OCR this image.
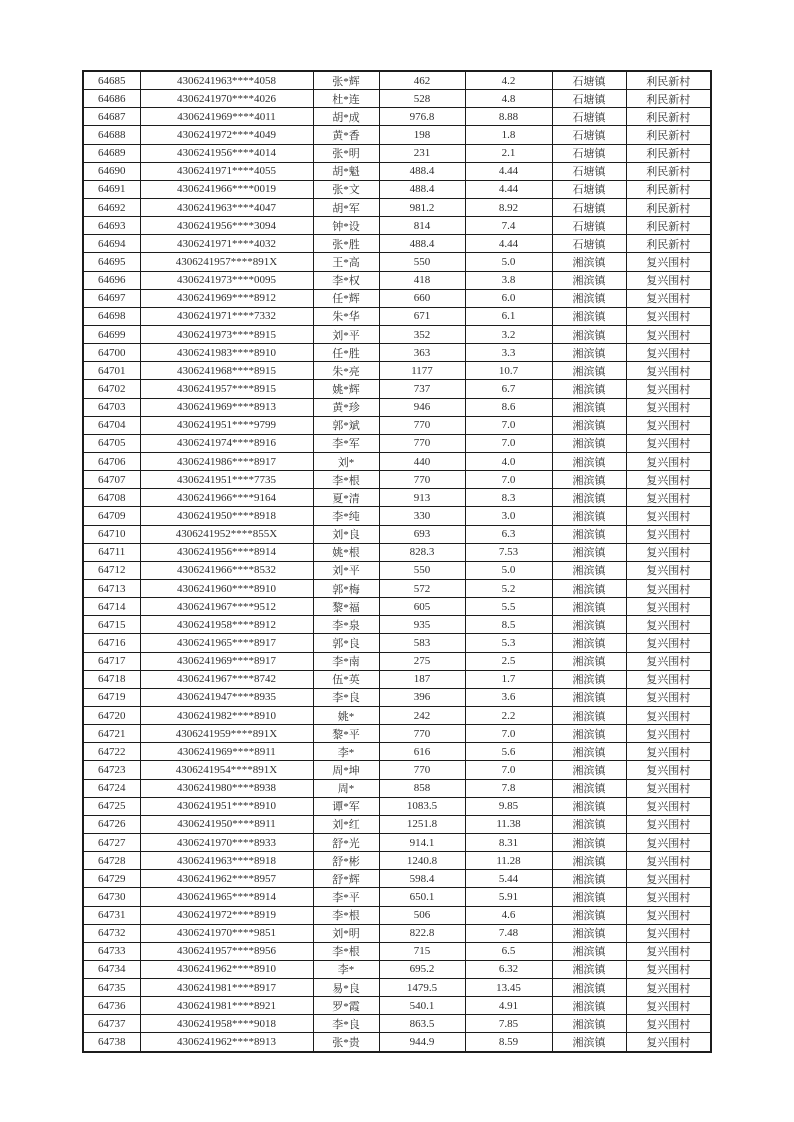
64685	4306241963****4058	张*辉	462	4.2	石塘镇	利民新村
64686	4306241970****4026	杜*连	528	4.8	石塘镇	利民新村
64687	4306241969****4011	胡*成	976.8	8.88	石塘镇	利民新村
64688	4306241972****4049	黄*香	198	1.8	石塘镇	利民新村
64689	4306241956****4014	张*明	231	2.1	石塘镇	利民新村
64690	4306241971****4055	胡*魁	488.4	4.44	石塘镇	利民新村
64691	4306241966****0019	张*文	488.4	4.44	石塘镇	利民新村
64692	4306241963****4047	胡*军	981.2	8.92	石塘镇	利民新村
64693	4306241956****3094	钟*设	814	7.4	石塘镇	利民新村
64694	4306241971****4032	张*胜	488.4	4.44	石塘镇	利民新村
64695	4306241957****891X	王*高	550	5.0	湘滨镇	复兴围村
64696	4306241973****0095	李*权	418	3.8	湘滨镇	复兴围村
64697	4306241969****8912	任*辉	660	6.0	湘滨镇	复兴围村
64698	4306241971****7332	朱*华	671	6.1	湘滨镇	复兴围村
64699	4306241973****8915	刘*平	352	3.2	湘滨镇	复兴围村
64700	4306241983****8910	任*胜	363	3.3	湘滨镇	复兴围村
64701	4306241968****8915	朱*亮	1177	10.7	湘滨镇	复兴围村
64702	4306241957****8915	姚*辉	737	6.7	湘滨镇	复兴围村
64703	4306241969****8913	黄*珍	946	8.6	湘滨镇	复兴围村
64704	4306241951****9799	郭*斌	770	7.0	湘滨镇	复兴围村
64705	4306241974****8916	李*军	770	7.0	湘滨镇	复兴围村
64706	4306241986****8917	刘*	440	4.0	湘滨镇	复兴围村
64707	4306241951****7735	李*根	770	7.0	湘滨镇	复兴围村
64708	4306241966****9164	夏*清	913	8.3	湘滨镇	复兴围村
64709	4306241950****8918	李*纯	330	3.0	湘滨镇	复兴围村
64710	4306241952****855X	刘*良	693	6.3	湘滨镇	复兴围村
64711	4306241956****8914	姚*根	828.3	7.53	湘滨镇	复兴围村
64712	4306241966****8532	刘*平	550	5.0	湘滨镇	复兴围村
64713	4306241960****8910	郭*梅	572	5.2	湘滨镇	复兴围村
64714	4306241967****9512	黎*福	605	5.5	湘滨镇	复兴围村
64715	4306241958****8912	李*泉	935	8.5	湘滨镇	复兴围村
64716	4306241965****8917	郭*良	583	5.3	湘滨镇	复兴围村
64717	4306241969****8917	李*南	275	2.5	湘滨镇	复兴围村
64718	4306241967****8742	伍*英	187	1.7	湘滨镇	复兴围村
64719	4306241947****8935	李*良	396	3.6	湘滨镇	复兴围村
64720	4306241982****8910	姚*	242	2.2	湘滨镇	复兴围村
64721	4306241959****891X	黎*平	770	7.0	湘滨镇	复兴围村
64722	4306241969****8911	李*	616	5.6	湘滨镇	复兴围村
64723	4306241954****891X	周*坤	770	7.0	湘滨镇	复兴围村
64724	4306241980****8938	周*	858	7.8	湘滨镇	复兴围村
64725	4306241951****8910	谭*军	1083.5	9.85	湘滨镇	复兴围村
64726	4306241950****8911	刘*红	1251.8	11.38	湘滨镇	复兴围村
64727	4306241970****8933	舒*光	914.1	8.31	湘滨镇	复兴围村
64728	4306241963****8918	舒*彬	1240.8	11.28	湘滨镇	复兴围村
64729	4306241962****8957	舒*辉	598.4	5.44	湘滨镇	复兴围村
64730	4306241965****8914	李*平	650.1	5.91	湘滨镇	复兴围村
64731	4306241972****8919	李*根	506	4.6	湘滨镇	复兴围村
64732	4306241970****9851	刘*明	822.8	7.48	湘滨镇	复兴围村
64733	4306241957****8956	李*根	715	6.5	湘滨镇	复兴围村
64734	4306241962****8910	李*	695.2	6.32	湘滨镇	复兴围村
64735	4306241981****8917	易*良	1479.5	13.45	湘滨镇	复兴围村
64736	4306241981****8921	罗*霞	540.1	4.91	湘滨镇	复兴围村
64737	4306241958****9018	李*良	863.5	7.85	湘滨镇	复兴围村
64738	4306241962****8913	张*贵	944.9	8.59	湘滨镇	复兴围村
